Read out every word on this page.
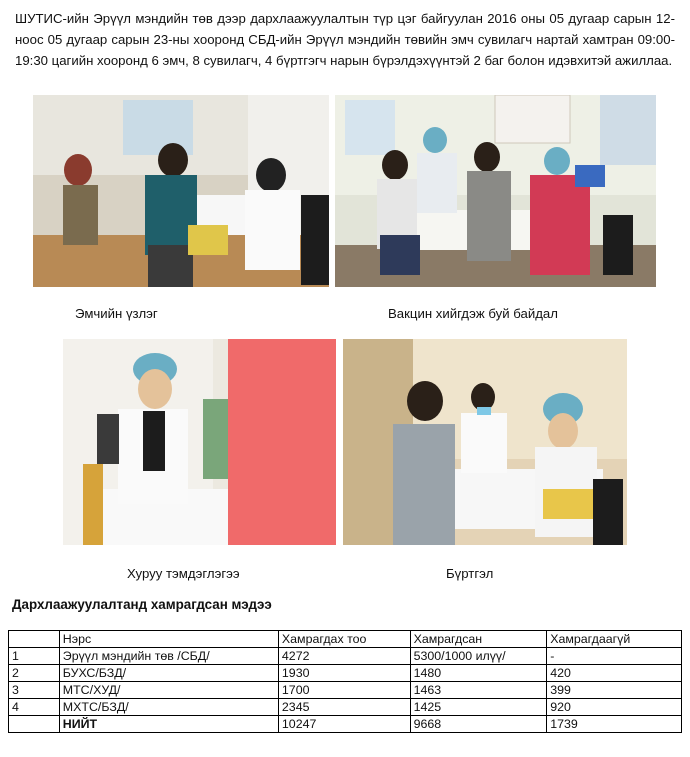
ШУТИС-ийн Эрүүл мэндийн төв дээр дархлаажуулалтын түр цэг байгуулан 2016 оны 05 дугаар сарын 12-ноос 05 дугаар сарын 23-ны хооронд СБД-ийн Эрүүл мэндийн төвийн эмч сувилагч нартай хамтран 09:00-19:30 цагийн хооронд 6 эмч, 8 сувилагч, 4 бүртгэгч нарын бүрэлдэхүүнтэй 2 баг болон идэвхитэй ажиллаа.

Эмчийн үзлэг	Вакцин хийгдэж буй байдал
Хуруу тэмдэглэгээ	Бүртгэл
Дархлаажуулалтанд хамрагдсан мэдээ
	Нэрс	Хамрагдах тоо	Хамрагдсан	Хамрагдаагүй
1	Эрүүл мэндийн төв /СБД/	4272	5300/1000 илүү/	-
2	БУХС/БЗД/	1930	1480	420
3	МТС/ХУД/	1700	1463	399
4	МХТС/БЗД/	2345	1425	920
	НИЙТ	10247	9668	1739
